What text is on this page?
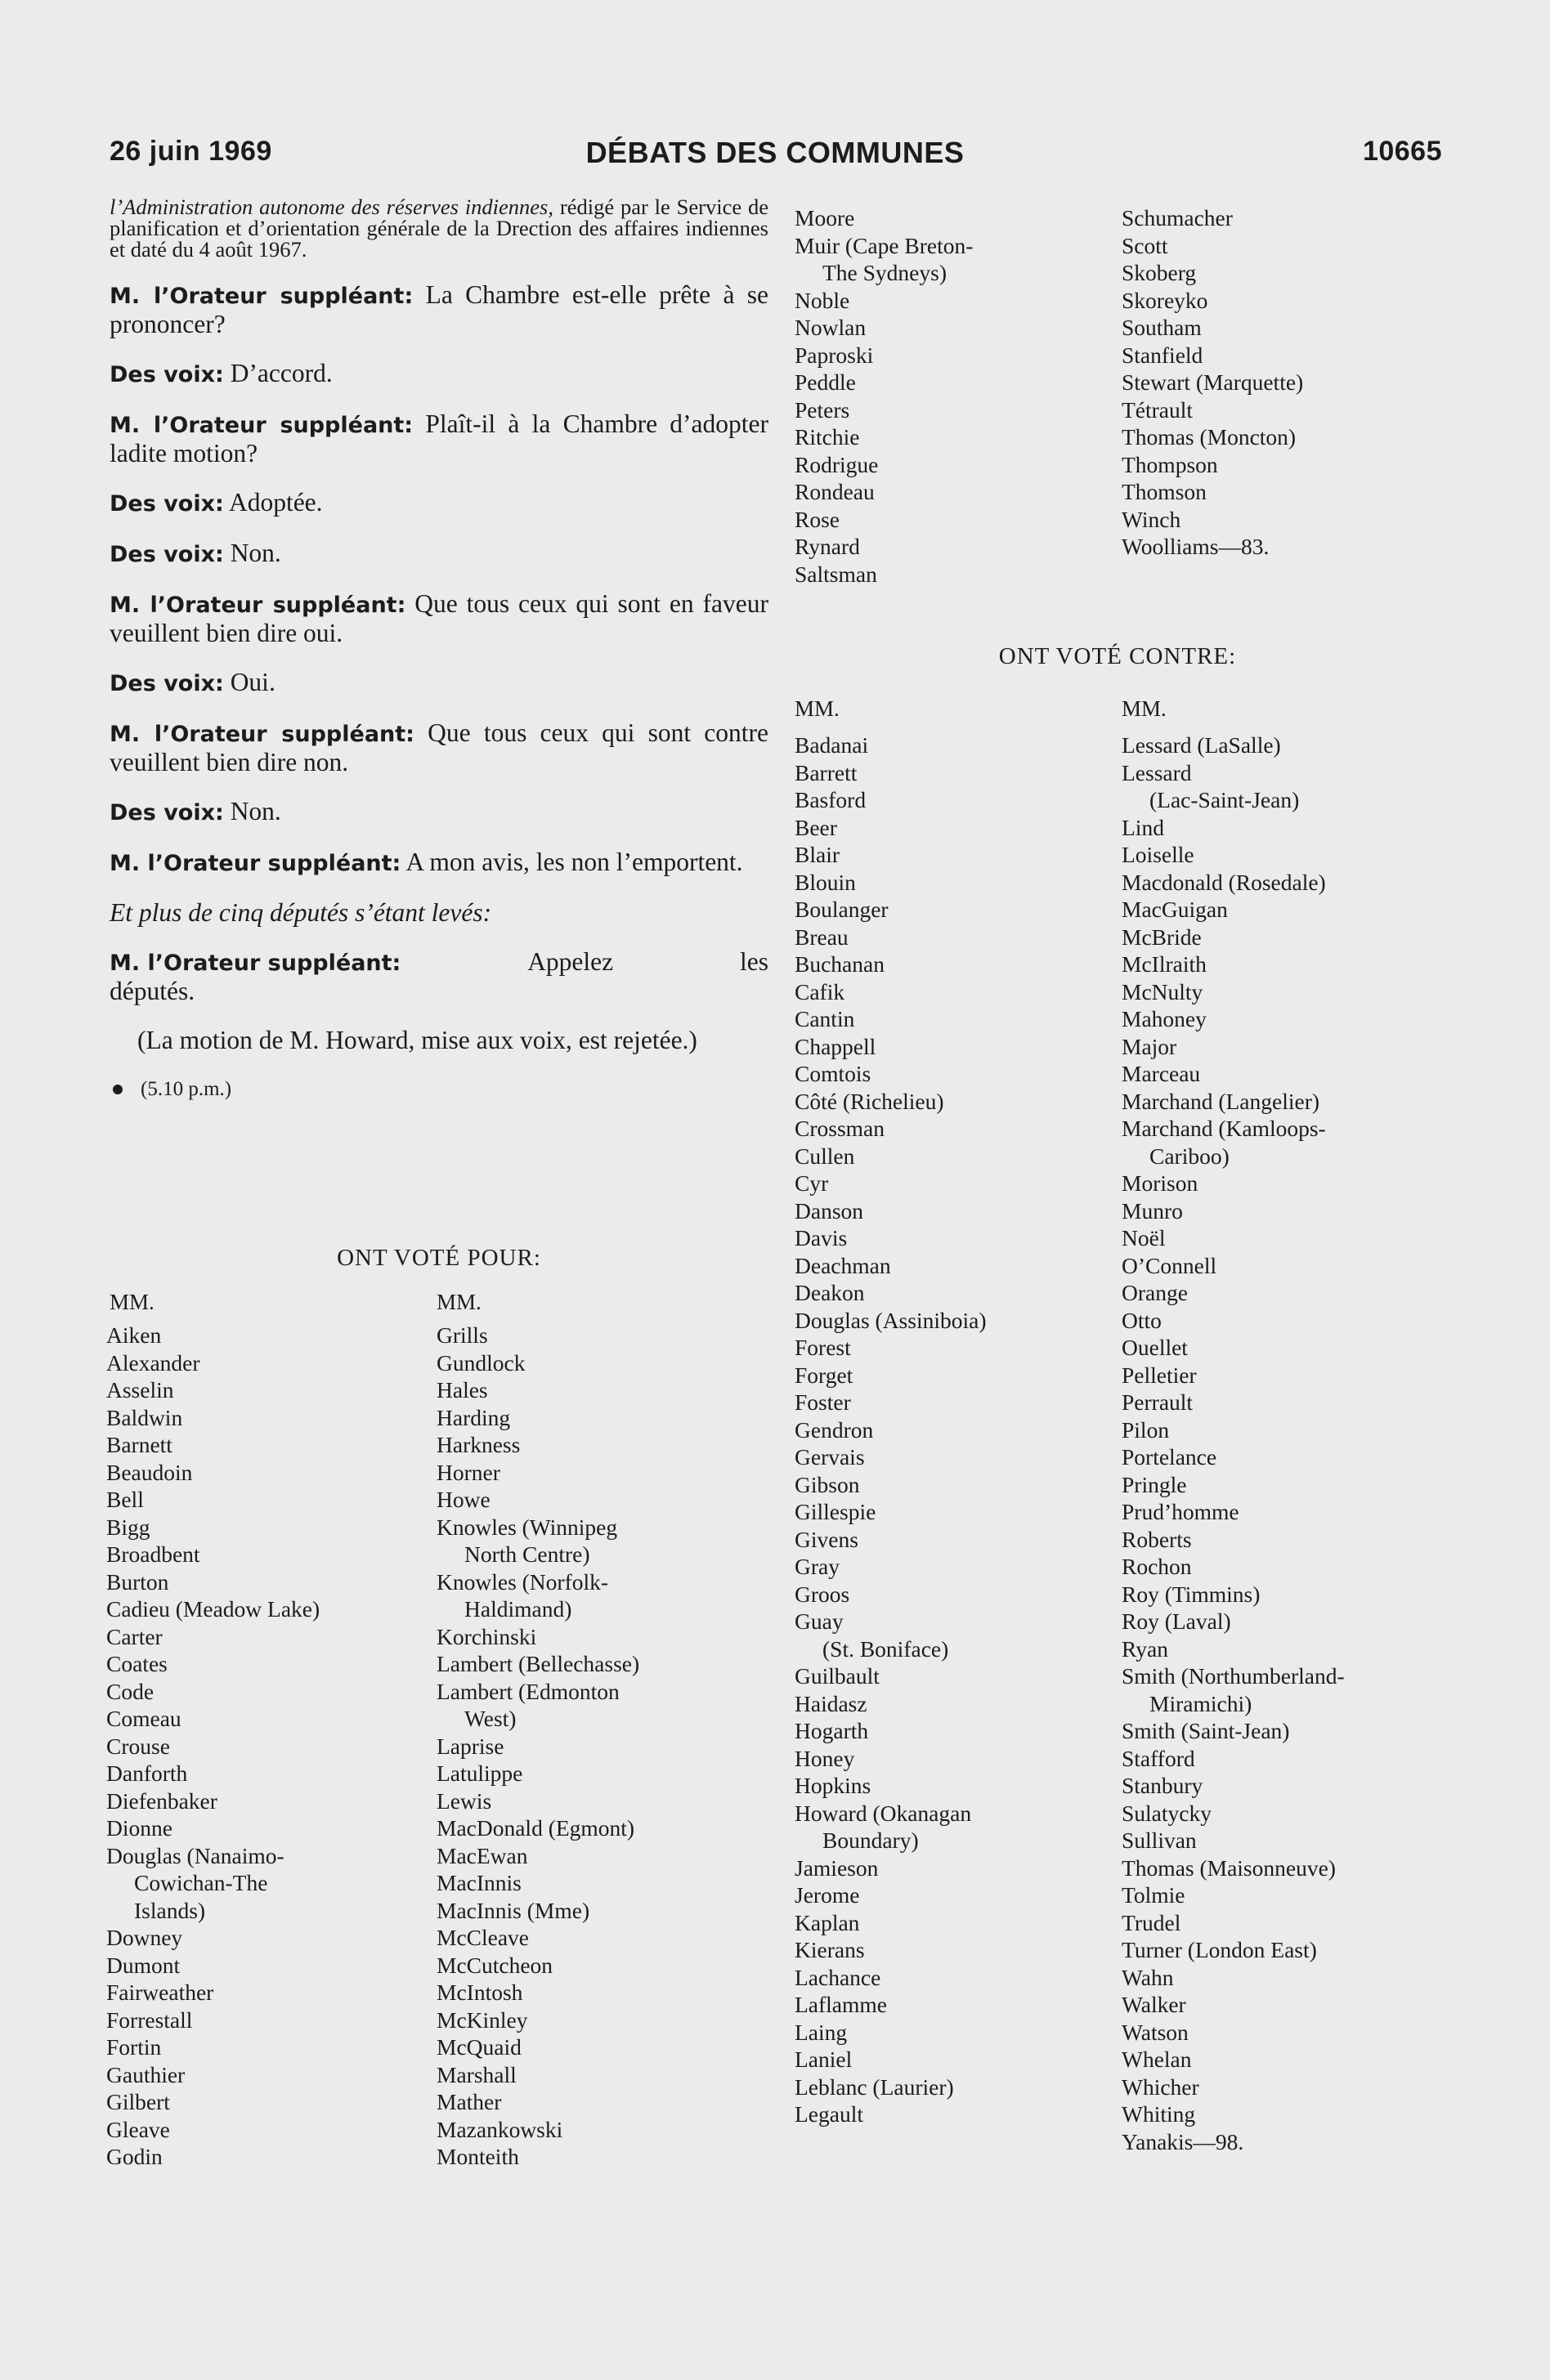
26 juin 1969	DÉBATS DES COMMUNES	10665
l’Administration autonome des réserves indiennes, rédigé par le Service de planification et d’orientation générale de la Drection des affaires indiennes et daté du 4 août 1967.
M. l’Orateur suppléant: La Chambre est-elle prête à se prononcer?
Des voix: D’accord.
M. l’Orateur suppléant: Plaît-il à la Chambre d’adopter ladite motion?
Des voix: Adoptée.
Des voix: Non.
M. l’Orateur suppléant: Que tous ceux qui sont en faveur veuillent bien dire oui.
Des voix: Oui.
M. l’Orateur suppléant: Que tous ceux qui sont contre veuillent bien dire non.
Des voix: Non.
M. l’Orateur suppléant: A mon avis, les non l’emportent.
Et plus de cinq députés s’étant levés:
M. l’Orateur suppléant:	Appelez	les
députés.
(La motion de M. Howard, mise aux voix, est rejetée.)
(5.10 p.m.)
ONT VOTÉ POUR:
MM.	MM.
Aiken
Alexander
Asselin
Baldwin
Barnett
Beaudoin
Bell
Bigg
Broadbent
Burton
Cadieu (Meadow Lake)
Carter
Coates
Code
Comeau
Crouse
Danforth
Diefenbaker
Dionne
Douglas (Nanaimo-
Cowichan-The
Islands)
Downey
Dumont
Fairweather
Forrestall
Fortin
Gauthier
Gilbert
Gleave
Godin
Grills
Gundlock
Hales
Harding
Harkness
Horner
Howe
Knowles (Winnipeg
North Centre)
Knowles (Norfolk-
Haldimand)
Korchinski
Lambert (Bellechasse)
Lambert (Edmonton
West)
Laprise
Latulippe
Lewis
MacDonald (Egmont)
MacEwan
MacInnis
MacInnis (Mme)
McCleave
McCutcheon
McIntosh
McKinley
McQuaid
Marshall
Mather
Mazankowski
Monteith
Moore
Muir (Cape Breton-
The Sydneys)
Noble
Nowlan
Paproski
Peddle
Peters
Ritchie
Rodrigue
Rondeau
Rose
Rynard
Saltsman
Schumacher
Scott
Skoberg
Skoreyko
Southam
Stanfield
Stewart (Marquette)
Tétrault
Thomas (Moncton)
Thompson
Thomson
Winch
Woolliams—83.
ONT VOTÉ CONTRE:
MM.	MM.
Badanai
Barrett
Basford
Beer
Blair
Blouin
Boulanger
Breau
Buchanan
Cafik
Cantin
Chappell
Comtois
Côté (Richelieu)
Crossman
Cullen
Cyr
Danson
Davis
Deachman
Deakon
Douglas (Assiniboia)
Forest
Forget
Foster
Gendron
Gervais
Gibson
Gillespie
Givens
Gray
Groos
Guay
(St. Boniface)
Guilbault
Haidasz
Hogarth
Honey
Hopkins
Howard (Okanagan
Boundary)
Jamieson
Jerome
Kaplan
Kierans
Lachance
Laflamme
Laing
Laniel
Leblanc (Laurier)
Legault
Lessard (LaSalle)
Lessard
(Lac-Saint-Jean)
Lind
Loiselle
Macdonald (Rosedale)
MacGuigan
McBride
McIlraith
McNulty
Mahoney
Major
Marceau
Marchand (Langelier)
Marchand (Kamloops-
Cariboo)
Morison
Munro
Noël
O’Connell
Orange
Otto
Ouellet
Pelletier
Perrault
Pilon
Portelance
Pringle
Prud’homme
Roberts
Rochon
Roy (Timmins)
Roy (Laval)
Ryan
Smith (Northumberland-
Miramichi)
Smith (Saint-Jean)
Stafford
Stanbury
Sulatycky
Sullivan
Thomas (Maisonneuve)
Tolmie
Trudel
Turner (London East)
Wahn
Walker
Watson
Whelan
Whicher
Whiting
Yanakis—98.
